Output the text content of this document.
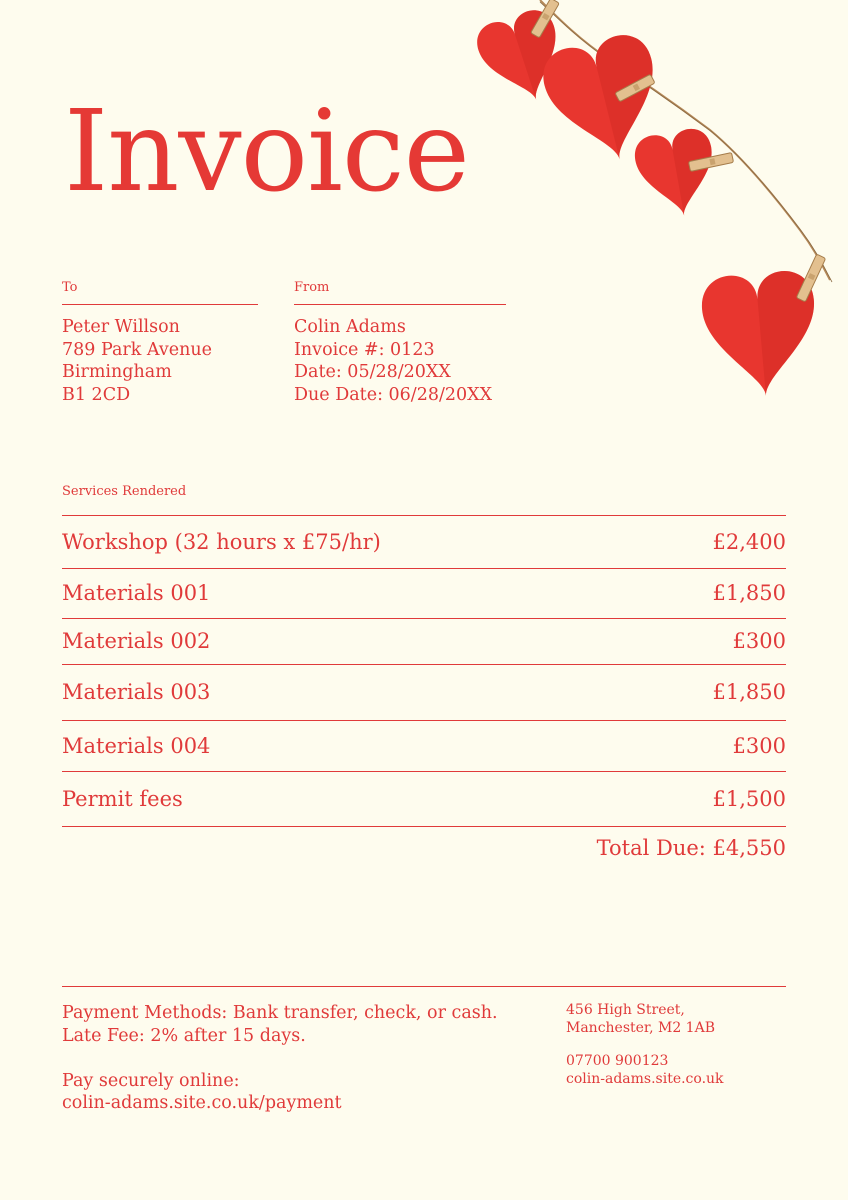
Invoice
To
Peter Willson
789 Park Avenue
Birmingham
B1 2CD
From
Colin Adams
Invoice #: 0123
Date: 05/28/20XX
Due Date: 06/28/20XX
Services Rendered
Workshop (32 hours x £75/hr)	£2,400
Materials 001	£1,850
Materials 002	£300
Materials 003	£1,850
Materials 004	£300
Permit fees	£1,500
Total Due: £4,550
Payment Methods: Bank transfer, check, or cash.
Late Fee: 2% after 15 days.
Pay securely online:
colin-adams.site.co.uk/payment
456 High Street,
Manchester, M2 1AB
07700 900123
colin-adams.site.co.uk
